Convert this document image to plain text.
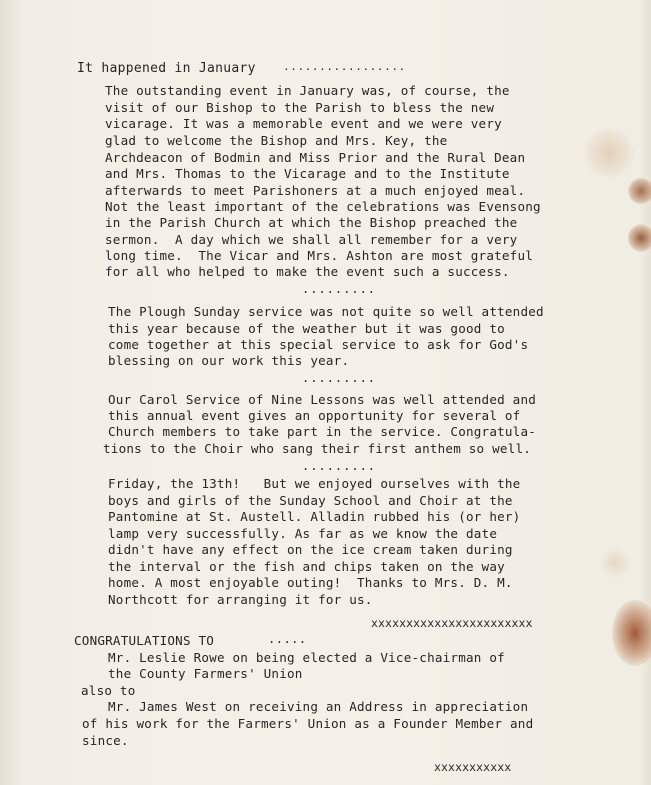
It happened in January .................
The outstanding event in January was, of course, the
visit of our Bishop to the Parish to bless the new
vicarage. It was a memorable event and we were very
glad to welcome the Bishop and Mrs. Key, the
Archdeacon of Bodmin and Miss Prior and the Rural Dean
and Mrs. Thomas to the Vicarage and to the Institute
afterwards to meet Parishoners at a much enjoyed meal.
Not the least important of the celebrations was Evensong
in the Parish Church at which the Bishop preached the
sermon.  A day which we shall all remember for a very
long time.  The Vicar and Mrs. Ashton are most grateful
for all who helped to make the event such a success.
.........
The Plough Sunday service was not quite so well attended
this year because of the weather but it was good to
come together at this special service to ask for God's
blessing on our work this year.
.........
Our Carol Service of Nine Lessons was well attended and
this annual event gives an opportunity for several of
Church members to take part in the service. Congratula-
tions to the Choir who sang their first anthem so well.
.........
Friday, the 13th!   But we enjoyed ourselves with the
boys and girls of the Sunday School and Choir at the
Pantomine at St. Austell. Alladin rubbed his (or her)
lamp very successfully. As far as we know the date
didn't have any effect on the ice cream taken during
the interval or the fish and chips taken on the way
home. A most enjoyable outing!  Thanks to Mrs. D. M.
Northcott for arranging it for us.
xxxxxxxxxxxxxxxxxxxxxxx
CONGRATULATIONS TO	.....
Mr. Leslie Rowe on being elected a Vice-chairman of
the County Farmers' Union
also to
Mr. James West on receiving an Address in appreciation
of his work for the Farmers' Union as a Founder Member and
since.
xxxxxxxxxxx
